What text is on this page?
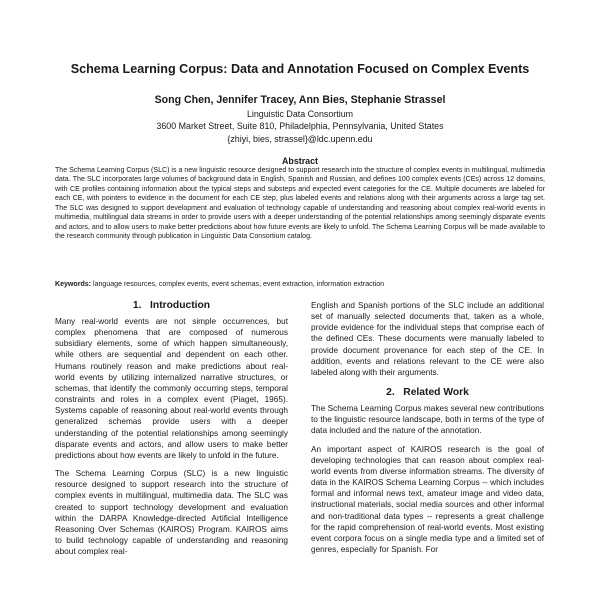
Schema Learning Corpus: Data and Annotation Focused on Complex Events
Song Chen, Jennifer Tracey, Ann Bies, Stephanie Strassel
Linguistic Data Consortium
3600 Market Street, Suite 810, Philadelphia, Pennsylvania, United States
{zhiyi, bies, strassel}@ldc.upenn.edu
Abstract

The Schema Learning Corpus (SLC) is a new linguistic resource designed to support research into the structure of complex events in multilingual, multimedia data. The SLC incorporates large volumes of background data in English, Spanish and Russian, and defines 100 complex events (CEs) across 12 domains, with CE profiles containing information about the typical steps and substeps and expected event categories for the CE. Multiple documents are labeled for each CE, with pointers to evidence in the document for each CE step, plus labeled events and relations along with their arguments across a large tag set. The SLC was designed to support development and evaluation of technology capable of understanding and reasoning about complex real-world events in multimedia, multilingual data streams in order to provide users with a deeper understanding of the potential relationships among seemingly disparate events and actors, and to allow users to make better predictions about how future events are likely to unfold. The Schema Learning Corpus will be made available to the research community through publication in Linguistic Data Consortium catalog.

Keywords: language resources, complex events, event schemas, event extraction, information extraction

1.   Introduction

Many real-world events are not simple occurrences, but complex phenomena that are composed of numerous subsidiary elements, some of which happen simultaneously, while others are sequential and dependent on each other. Humans routinely reason and make predictions about real-world events by utilizing internalized narrative structures, or schemas, that identify the commonly occurring steps, temporal constraints and roles in a complex event (Piaget, 1965). Systems capable of reasoning about real-world events through generalized schemas provide users with a deeper understanding of the potential relationships among seemingly disparate events and actors, and allow users to make better predictions about how events are likely to unfold in the future.

The Schema Learning Corpus (SLC) is a new linguistic resource designed to support research into the structure of complex events in multilingual, multimedia data. The SLC was created to support technology development and evaluation within the DARPA Knowledge-directed Artificial Intelligence Reasoning Over Schemas (KAIROS) Program. KAIROS aims to build technology capable of understanding and reasoning about complex real-

English and Spanish portions of the SLC include an additional set of manually selected documents that, taken as a whole, provide evidence for the individual steps that comprise each of the defined CEs. These documents were manually labeled to provide document provenance for each step of the CE. In addition, events and relations relevant to the CE were also labeled along with their arguments.

2.   Related Work

The Schema Learning Corpus makes several new contributions to the linguistic resource landscape, both in terms of the type of data included and the nature of the annotation.

An important aspect of KAIROS research is the goal of developing technologies that can reason about complex real-world events from diverse information streams. The diversity of data in the KAIROS Schema Learning Corpus -- which includes formal and informal news text, amateur image and video data, instructional materials, social media sources and other informal and non-traditional data types -- represents a great challenge for the rapid comprehension of real-world events. Most existing event corpora focus on a single media type and a limited set of genres, especially for Spanish. For
